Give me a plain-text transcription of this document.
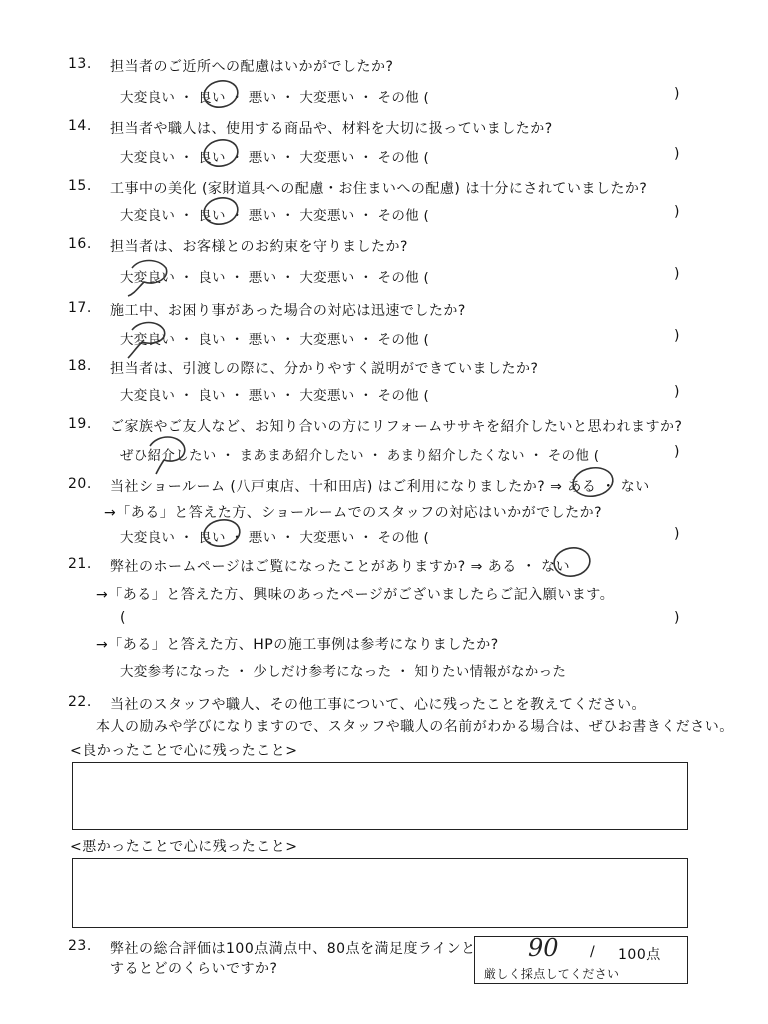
13. 担当者のご近所への配慮はいかがでしたか?
大変良い ・ 良い ・ 悪い ・ 大変悪い ・ その他 (	)
14. 担当者や職人は、使用する商品や、材料を大切に扱っていましたか?
大変良い ・ 良い ・ 悪い ・ 大変悪い ・ その他 (	)
15. 工事中の美化 (家財道具への配慮・お住まいへの配慮) は十分にされていましたか?
大変良い ・ 良い ・ 悪い ・ 大変悪い ・ その他 (	)
16. 担当者は、お客様とのお約束を守りましたか?
大変良い ・ 良い ・ 悪い ・ 大変悪い ・ その他 (	)
17. 施工中、お困り事があった場合の対応は迅速でしたか?
大変良い ・ 良い ・ 悪い ・ 大変悪い ・ その他 (	)
18. 担当者は、引渡しの際に、分かりやすく説明ができていましたか?
大変良い ・ 良い ・ 悪い ・ 大変悪い ・ その他 (	)
19. ご家族やご友人など、お知り合いの方にリフォームササキを紹介したいと思われますか?
ぜひ紹介したい ・ まあまあ紹介したい ・ あまり紹介したくない ・ その他 (	)
20. 当社ショールーム (八戸東店、十和田店) はご利用になりましたか? ⇒ ある ・ ない
→「ある」と答えた方、ショールームでのスタッフの対応はいかがでしたか?
大変良い ・ 良い ・ 悪い ・ 大変悪い ・ その他 (	)
21. 弊社のホームページはご覧になったことがありますか? ⇒ ある ・ ない
→「ある」と答えた方、興味のあったページがございましたらご記入願います。
(	)
→「ある」と答えた方、HPの施工事例は参考になりましたか?
大変参考になった ・ 少しだけ参考になった ・ 知りたい情報がなかった
22. 当社のスタッフや職人、その他工事について、心に残ったことを教えてください。
本人の励みや学びになりますので、スタッフや職人の名前がわかる場合は、ぜひお書きください。
<良かったことで心に残ったこと>
<悪かったことで心に残ったこと>
23. 弊社の総合評価は100点満点中、80点を満足度ラインと
するとどのくらいですか?
90 / 100点
厳しく採点してください
